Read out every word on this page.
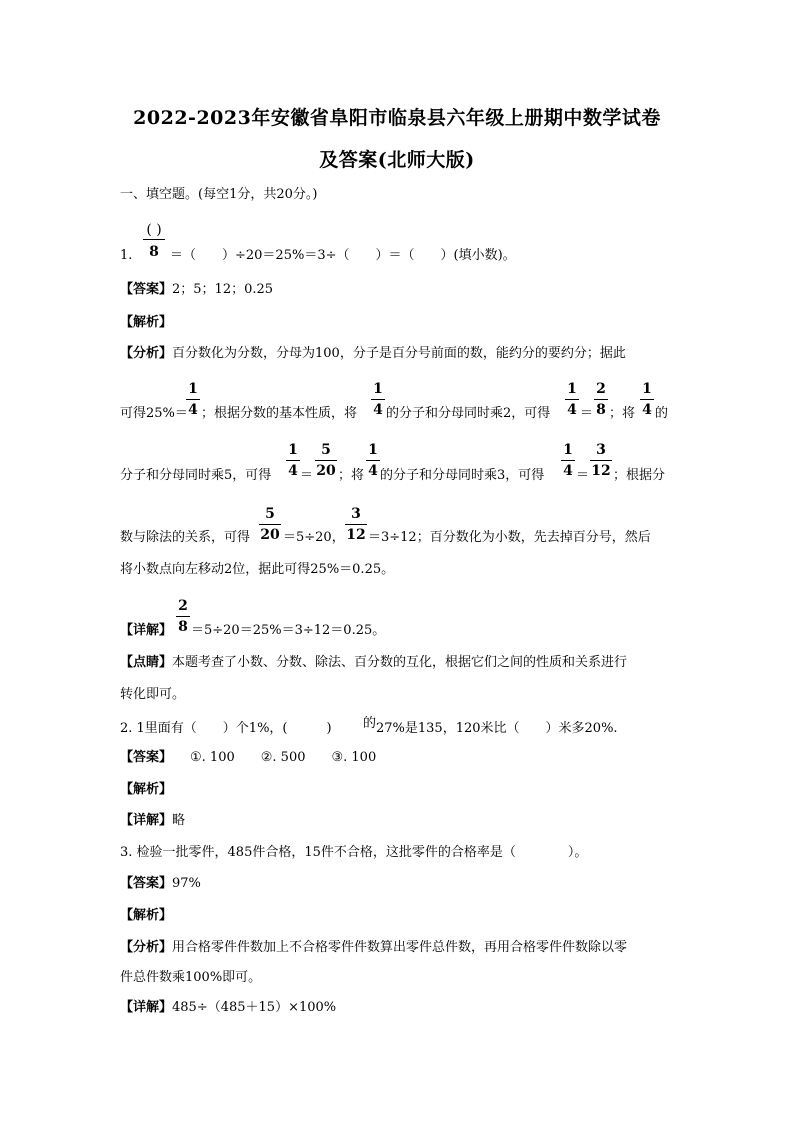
2022-2023年安徽省阜阳市临泉县六年级上册期中数学试卷
及答案(北师大版)
一、填空题。(每空1分，共20分。)
( )
8
1.	＝（　　）÷20＝25%＝3÷（　　）＝（　　）(填小数)。
【答案】2；5；12；0.25
【解析】
【分析】百分数化为分数，分母为100，分子是百分号前面的数，能约分的要约分；据此
可得25%＝
1
4 ；根据分数的基本性质，将
1
4 的分子和分母同时乘2，可得
1
4 ＝
2
8 ；将
1
4 的
分子和分母同时乘5，可得
1
4 ＝
5
20 ；将
1
4 的分子和分母同时乘3，可得
1
4 ＝
3
12 ；根据分
数与除法的关系，可得
5
20 ＝5÷20，
3
12 ＝3÷12；百分数化为小数，先去掉百分号，然后
将小数点向左移动2位，据此可得25%＝0.25。
2
8
【详解】 ＝5÷20＝25%＝3÷12＝0.25。
【点睛】本题考查了小数、分数、除法、百分数的互化，根据它们之间的性质和关系进行
转化即可。
2. 1里面有（　　）个1%，(　　　) 的 27%是135，120米比（　　）米多20%.
【答案】 ①. 100　　②. 500　　③. 100
【解析】
【详解】略
3. 检验一批零件，485件合格，15件不合格，这批零件的合格率是（　　　　）。
【答案】97%
【解析】
【分析】用合格零件件数加上不合格零件件数算出零件总件数，再用合格零件件数除以零
件总件数乘100%即可。
【详解】485÷（485＋15）×100%
